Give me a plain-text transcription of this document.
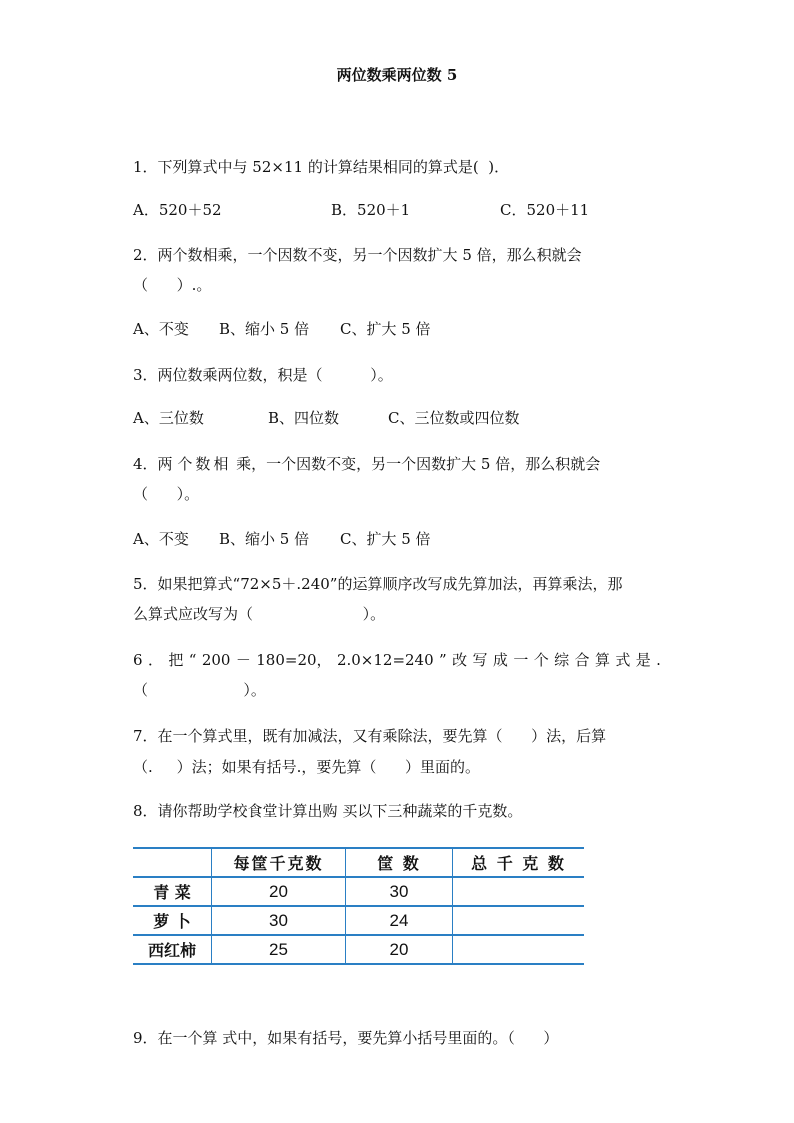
两位数乘两位数 5
1．下列算式中与 52×11 的计算结果相同的算式是(  )．
A．520＋52	B．520＋1	C．520＋11
2．两个数相乘，一个因数不变，另一个因数扩大 5 倍，那么积就会
（      ）.。
A、不变 B、缩小 5 倍 C、扩大 5 倍
3．两位数乘两位数，积是（          ）。
A、三位数	B、四位数	C、三位数或四位数
4．两 个数相 乘，一个因数不变，另一个因数扩大 5 倍，那么积就会
（      ）。
A、不变 B、缩小 5 倍 C、扩大 5 倍
5．如果把算式“72×5＋.240”的运算顺序改写成先算加法，再算乘法，那
么算式应改写为（                       ）。
6 ． 把 “ 200 － 180=20， 2.0×12=240 ” 改 写 成 一 个 综 合 算 式 是 .
（                    ）。
7．在一个算式里，既有加减法，又有乘除法，要先算（      ）法，后算
（.     ）法；如果有括号.，要先算（      ）里面的。
8．请你帮助学校食堂计算出购 买以下三种蔬菜的千克数。
	每筐千克数	筐 数	总 千 克 数
青 菜	20	30	
萝 卜	30	24	
西红柿	25	20	
9．在一个算 式中，如果有括号，要先算小括号里面的。（      ）
